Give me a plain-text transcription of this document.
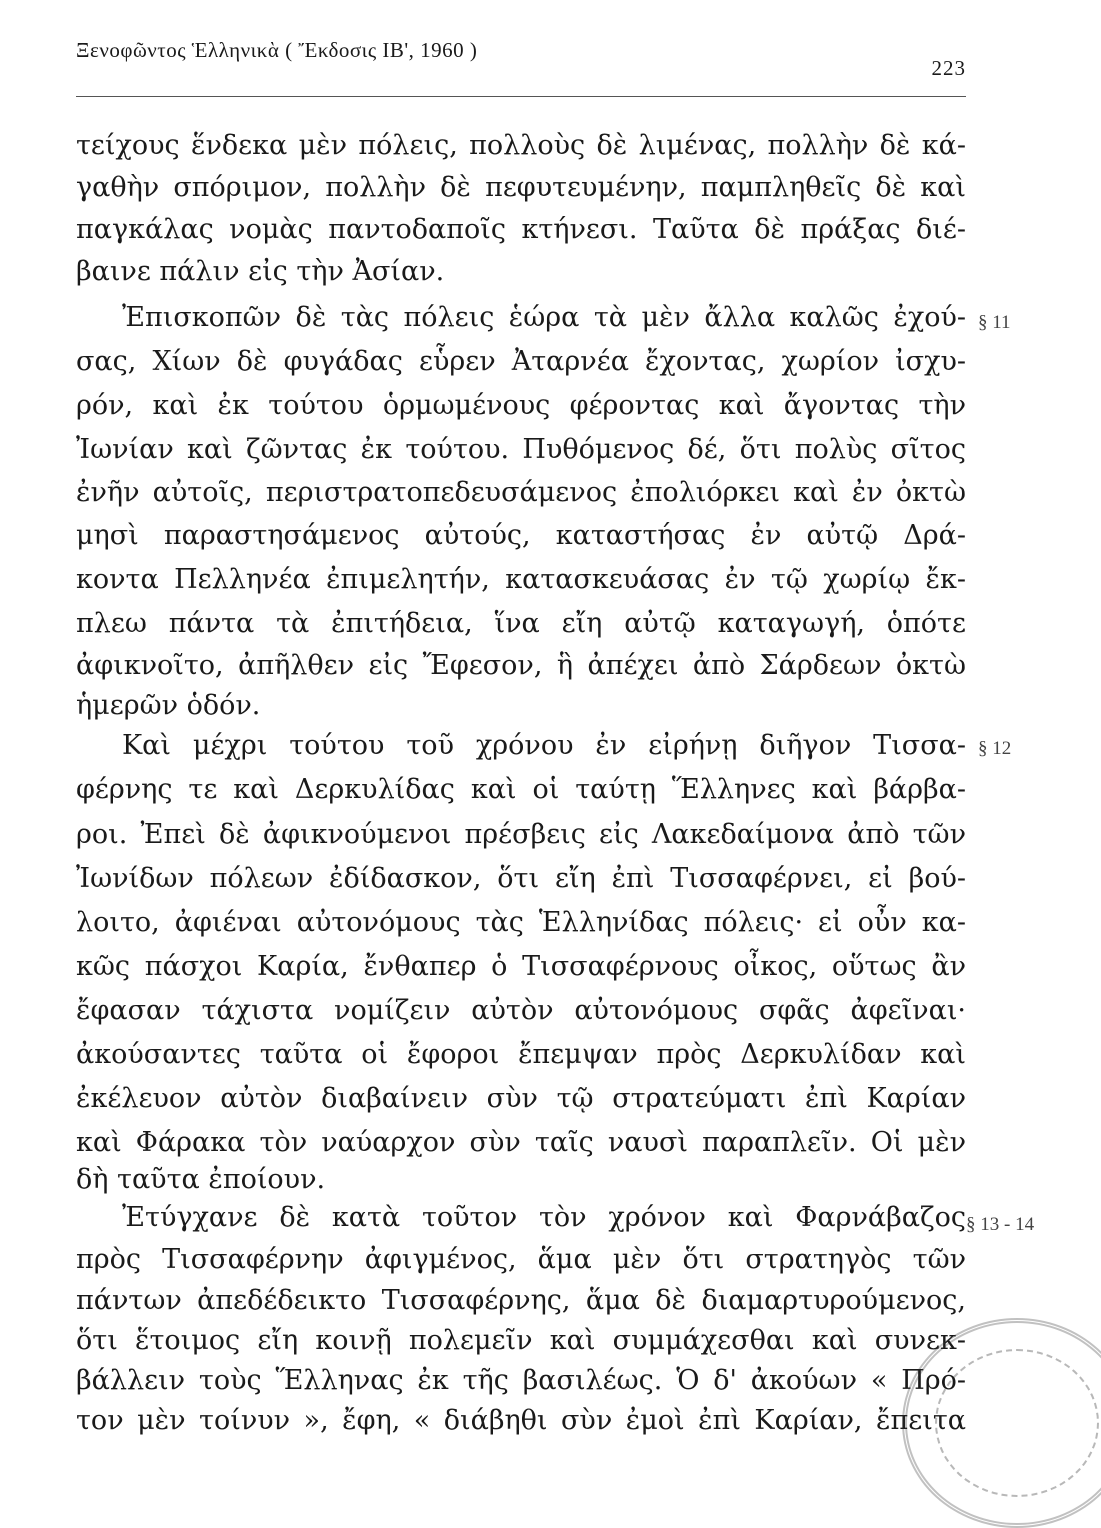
Ξενοφῶντος Ἑλληνικὰ ( Ἔκδοσις ΙΒ', 1960 )
223
τείχους ἕνδεκα μὲν πόλεις, πολλοὺς δὲ λιμένας, πολλὴν δὲ κά-
γαθὴν σπόριμον, πολλὴν δὲ πεφυτευμένην, παμπληθεῖς δὲ καὶ
παγκάλας νομὰς παντοδαποῖς κτήνεσι. Ταῦτα δὲ πράξας διέ-
βαινε πάλιν εἰς τὴν Ἀσίαν.
Ἐπισκοπῶν δὲ τὰς πόλεις ἑώρα τὰ μὲν ἄλλα καλῶς ἐχού-
σας, Χίων δὲ φυγάδας εὗρεν Ἀταρνέα ἔχοντας, χωρίον ἰσχυ-
ρόν, καὶ ἐκ τούτου ὁρμωμένους φέροντας καὶ ἄγοντας τὴν
Ἰωνίαν καὶ ζῶντας ἐκ τούτου. Πυθόμενος δέ, ὅτι πολὺς σῖτος
ἐνῆν αὐτοῖς, περιστρατοπεδευσάμενος ἐπολιόρκει καὶ ἐν ὀκτὼ
μησὶ παραστησάμενος αὐτούς, καταστήσας ἐν αὐτῷ Δρά-
κοντα Πελληνέα ἐπιμελητήν, κατασκευάσας ἐν τῷ χωρίῳ ἔκ-
πλεω πάντα τὰ ἐπιτήδεια, ἵνα εἴη αὐτῷ καταγωγή, ὁπότε
ἀφικνοῖτο, ἀπῆλθεν εἰς Ἔφεσον, ἣ ἀπέχει ἀπὸ Σάρδεων ὀκτὼ
ἡμερῶν ὁδόν.
Καὶ μέχρι τούτου τοῦ χρόνου ἐν εἰρήνῃ διῆγον Τισσα-
φέρνης τε καὶ Δερκυλίδας καὶ οἱ ταύτῃ Ἕλληνες καὶ βάρβα-
ροι. Ἐπεὶ δὲ ἀφικνούμενοι πρέσβεις εἰς Λακεδαίμονα ἀπὸ τῶν
Ἰωνίδων πόλεων ἐδίδασκον, ὅτι εἴη ἐπὶ Τισσαφέρνει, εἰ βού-
λοιτο, ἀφιέναι αὐτονόμους τὰς Ἑλληνίδας πόλεις· εἰ οὖν κα-
κῶς πάσχοι Καρία, ἔνθαπερ ὁ Τισσαφέρνους οἶκος, οὕτως ἂν
ἔφασαν τάχιστα νομίζειν αὐτὸν αὐτονόμους σφᾶς ἀφεῖναι·
ἀκούσαντες ταῦτα οἱ ἔφοροι ἔπεμψαν πρὸς Δερκυλίδαν καὶ
ἐκέλευον αὐτὸν διαβαίνειν σὺν τῷ στρατεύματι ἐπὶ Καρίαν
καὶ Φάρακα τὸν ναύαρχον σὺν ταῖς ναυσὶ παραπλεῖν. Οἱ μὲν
δὴ ταῦτα ἐποίουν.
Ἐτύγχανε δὲ κατὰ τοῦτον τὸν χρόνον καὶ Φαρνάβαζος
πρὸς Τισσαφέρνην ἀφιγμένος, ἅμα μὲν ὅτι στρατηγὸς τῶν
πάντων ἀπεδέδεικτο Τισσαφέρνης, ἅμα δὲ διαμαρτυρούμενος,
ὅτι ἕτοιμος εἴη κοινῇ πολεμεῖν καὶ συμμάχεσθαι καὶ συνεκ-
βάλλειν τοὺς Ἕλληνας ἐκ τῆς βασιλέως. Ὁ δ' ἀκούων « Πρό-
τον μὲν τοίνυν », ἔφη, « διάβηθι σὺν ἐμοὶ ἐπὶ Καρίαν, ἔπειτα
§ 11
§ 12
§ 13 - 14
